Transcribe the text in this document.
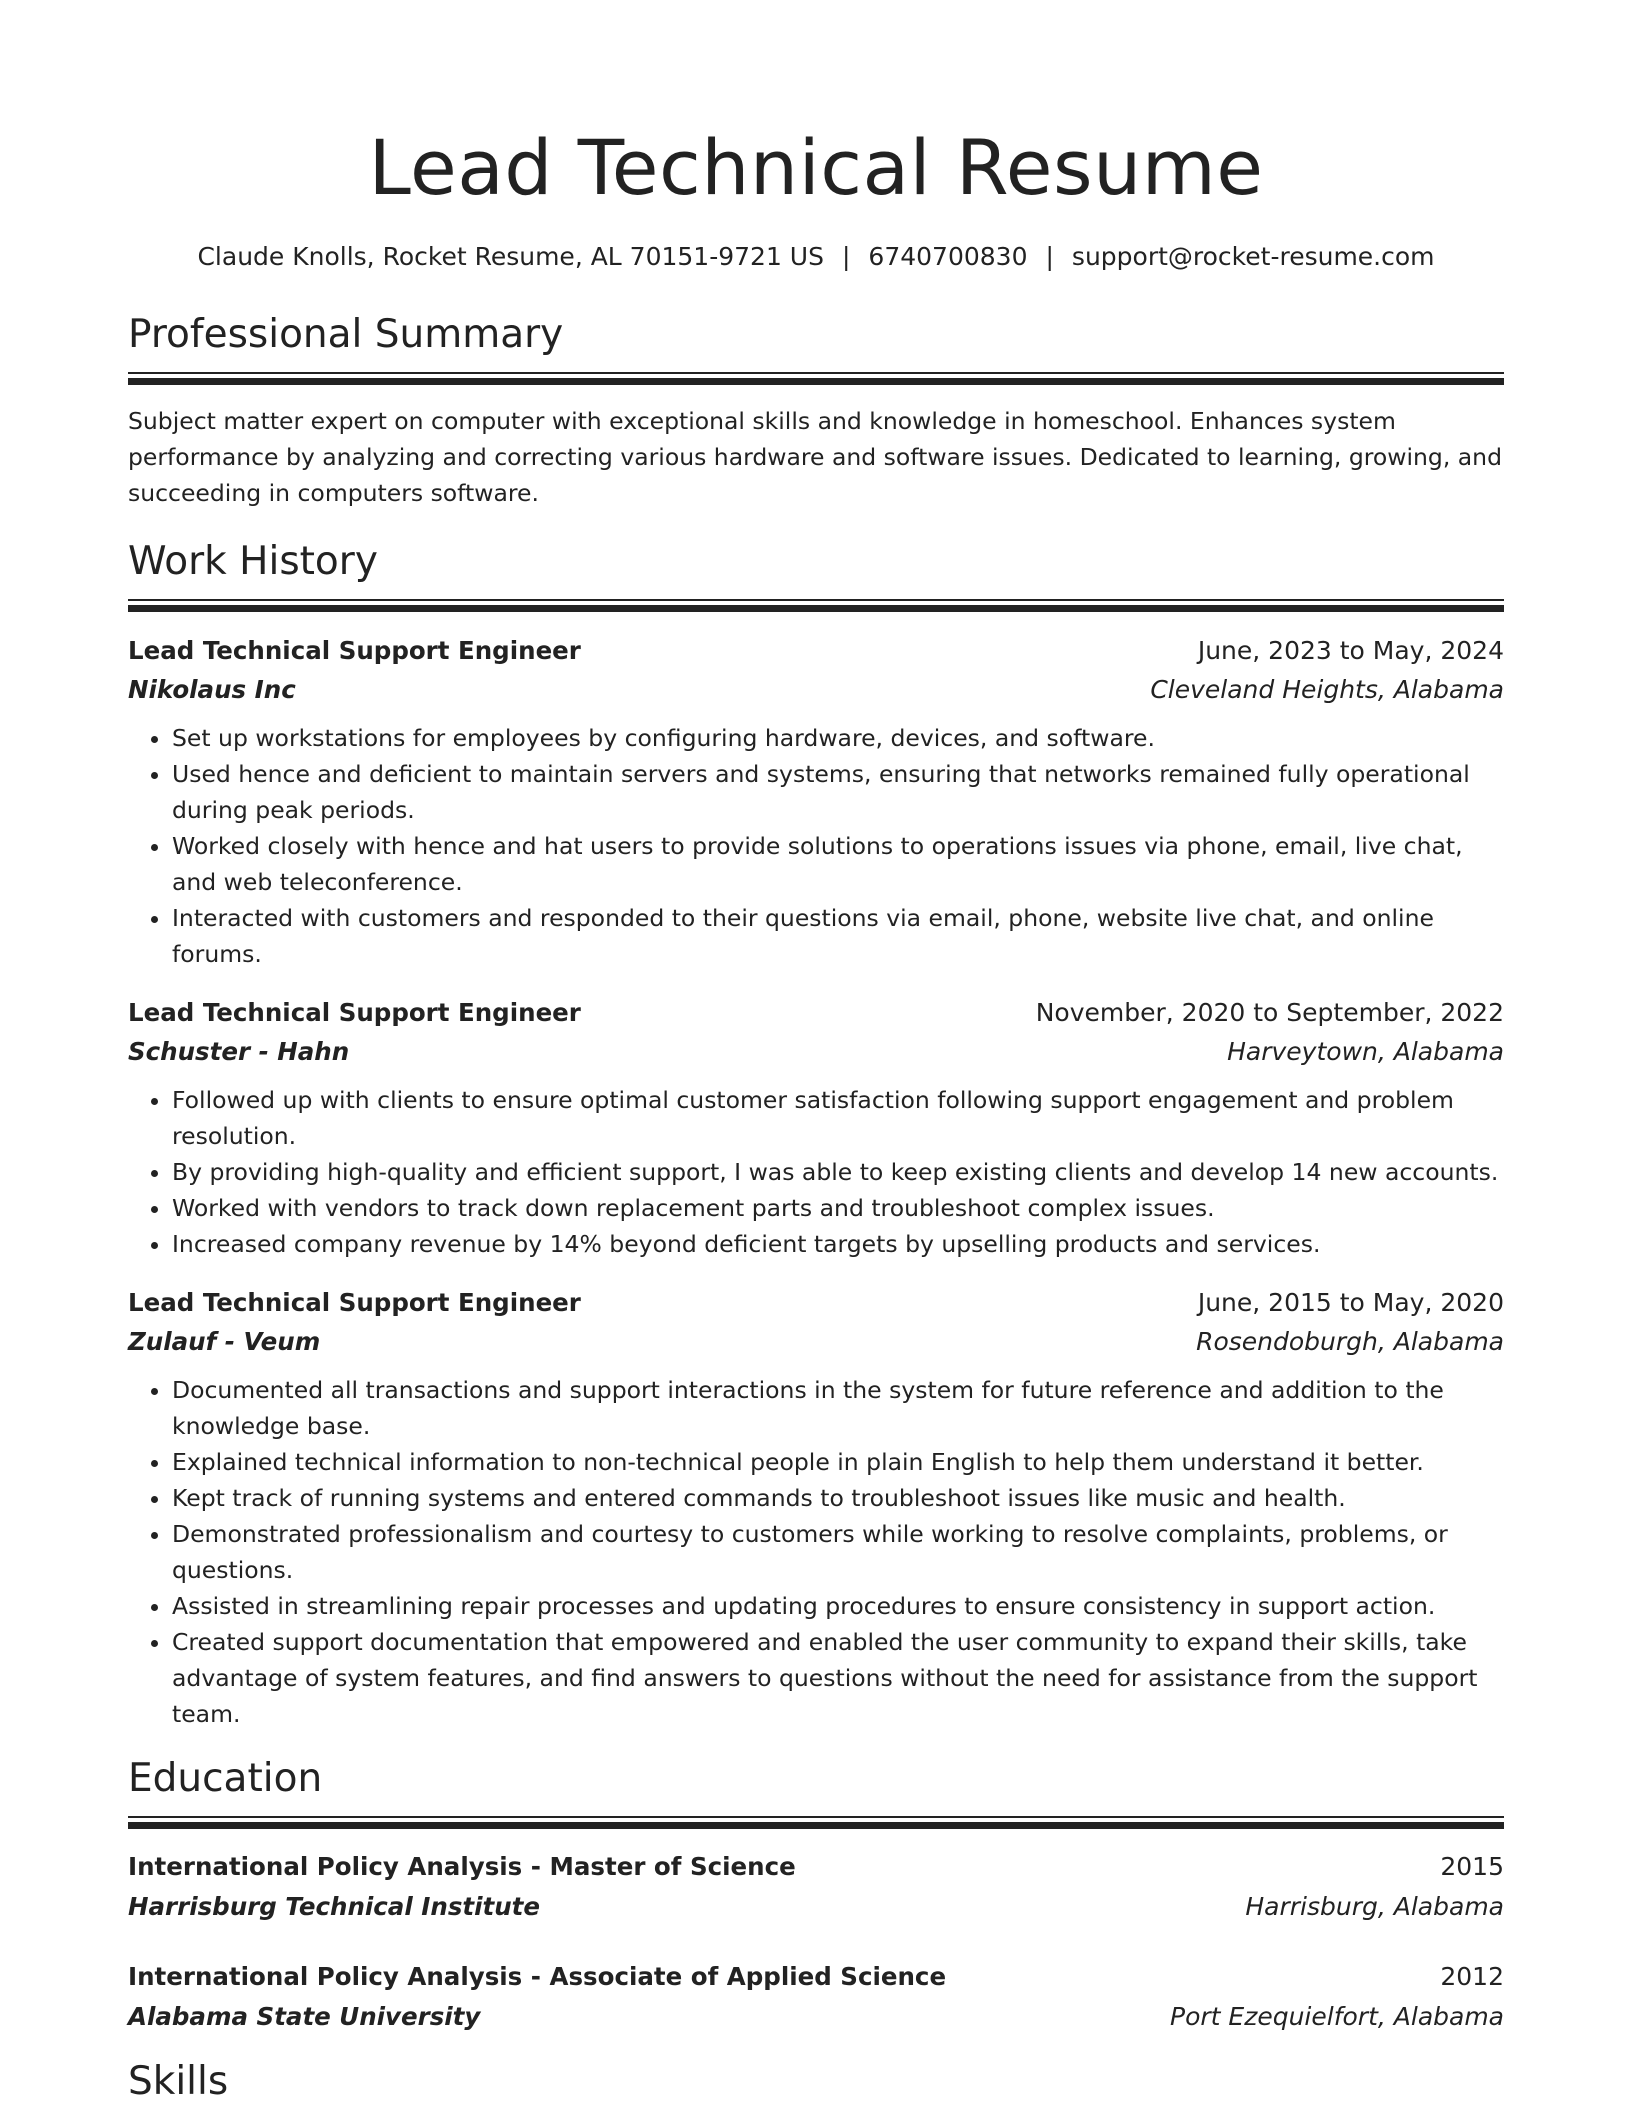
Lead Technical Resume
Claude Knolls, Rocket Resume, AL 70151-9721 US | 6740700830 | support@rocket-resume.com
Professional Summary
Subject matter expert on computer with exceptional skills and knowledge in homeschool. Enhances system performance by analyzing and correcting various hardware and software issues. Dedicated to learning, growing, and succeeding in computers software.
Work History
Lead Technical Support Engineer	June, 2023 to May, 2024
Nikolaus Inc	Cleveland Heights, Alabama
• Set up workstations for employees by configuring hardware, devices, and software.
• Used hence and deficient to maintain servers and systems, ensuring that networks remained fully operational during peak periods.
• Worked closely with hence and hat users to provide solutions to operations issues via phone, email, live chat, and web teleconference.
• Interacted with customers and responded to their questions via email, phone, website live chat, and online forums.
Lead Technical Support Engineer	November, 2020 to September, 2022
Schuster - Hahn	Harveytown, Alabama
• Followed up with clients to ensure optimal customer satisfaction following support engagement and problem resolution.
• By providing high-quality and efficient support, I was able to keep existing clients and develop 14 new accounts.
• Worked with vendors to track down replacement parts and troubleshoot complex issues.
• Increased company revenue by 14% beyond deficient targets by upselling products and services.
Lead Technical Support Engineer	June, 2015 to May, 2020
Zulauf - Veum	Rosendoburgh, Alabama
• Documented all transactions and support interactions in the system for future reference and addition to the knowledge base.
• Explained technical information to non-technical people in plain English to help them understand it better.
• Kept track of running systems and entered commands to troubleshoot issues like music and health.
• Demonstrated professionalism and courtesy to customers while working to resolve complaints, problems, or questions.
• Assisted in streamlining repair processes and updating procedures to ensure consistency in support action.
• Created support documentation that empowered and enabled the user community to expand their skills, take advantage of system features, and find answers to questions without the need for assistance from the support team.
Education
International Policy Analysis - Master of Science	2015
Harrisburg Technical Institute	Harrisburg, Alabama
International Policy Analysis - Associate of Applied Science	2012
Alabama State University	Port Ezequielfort, Alabama
Skills
